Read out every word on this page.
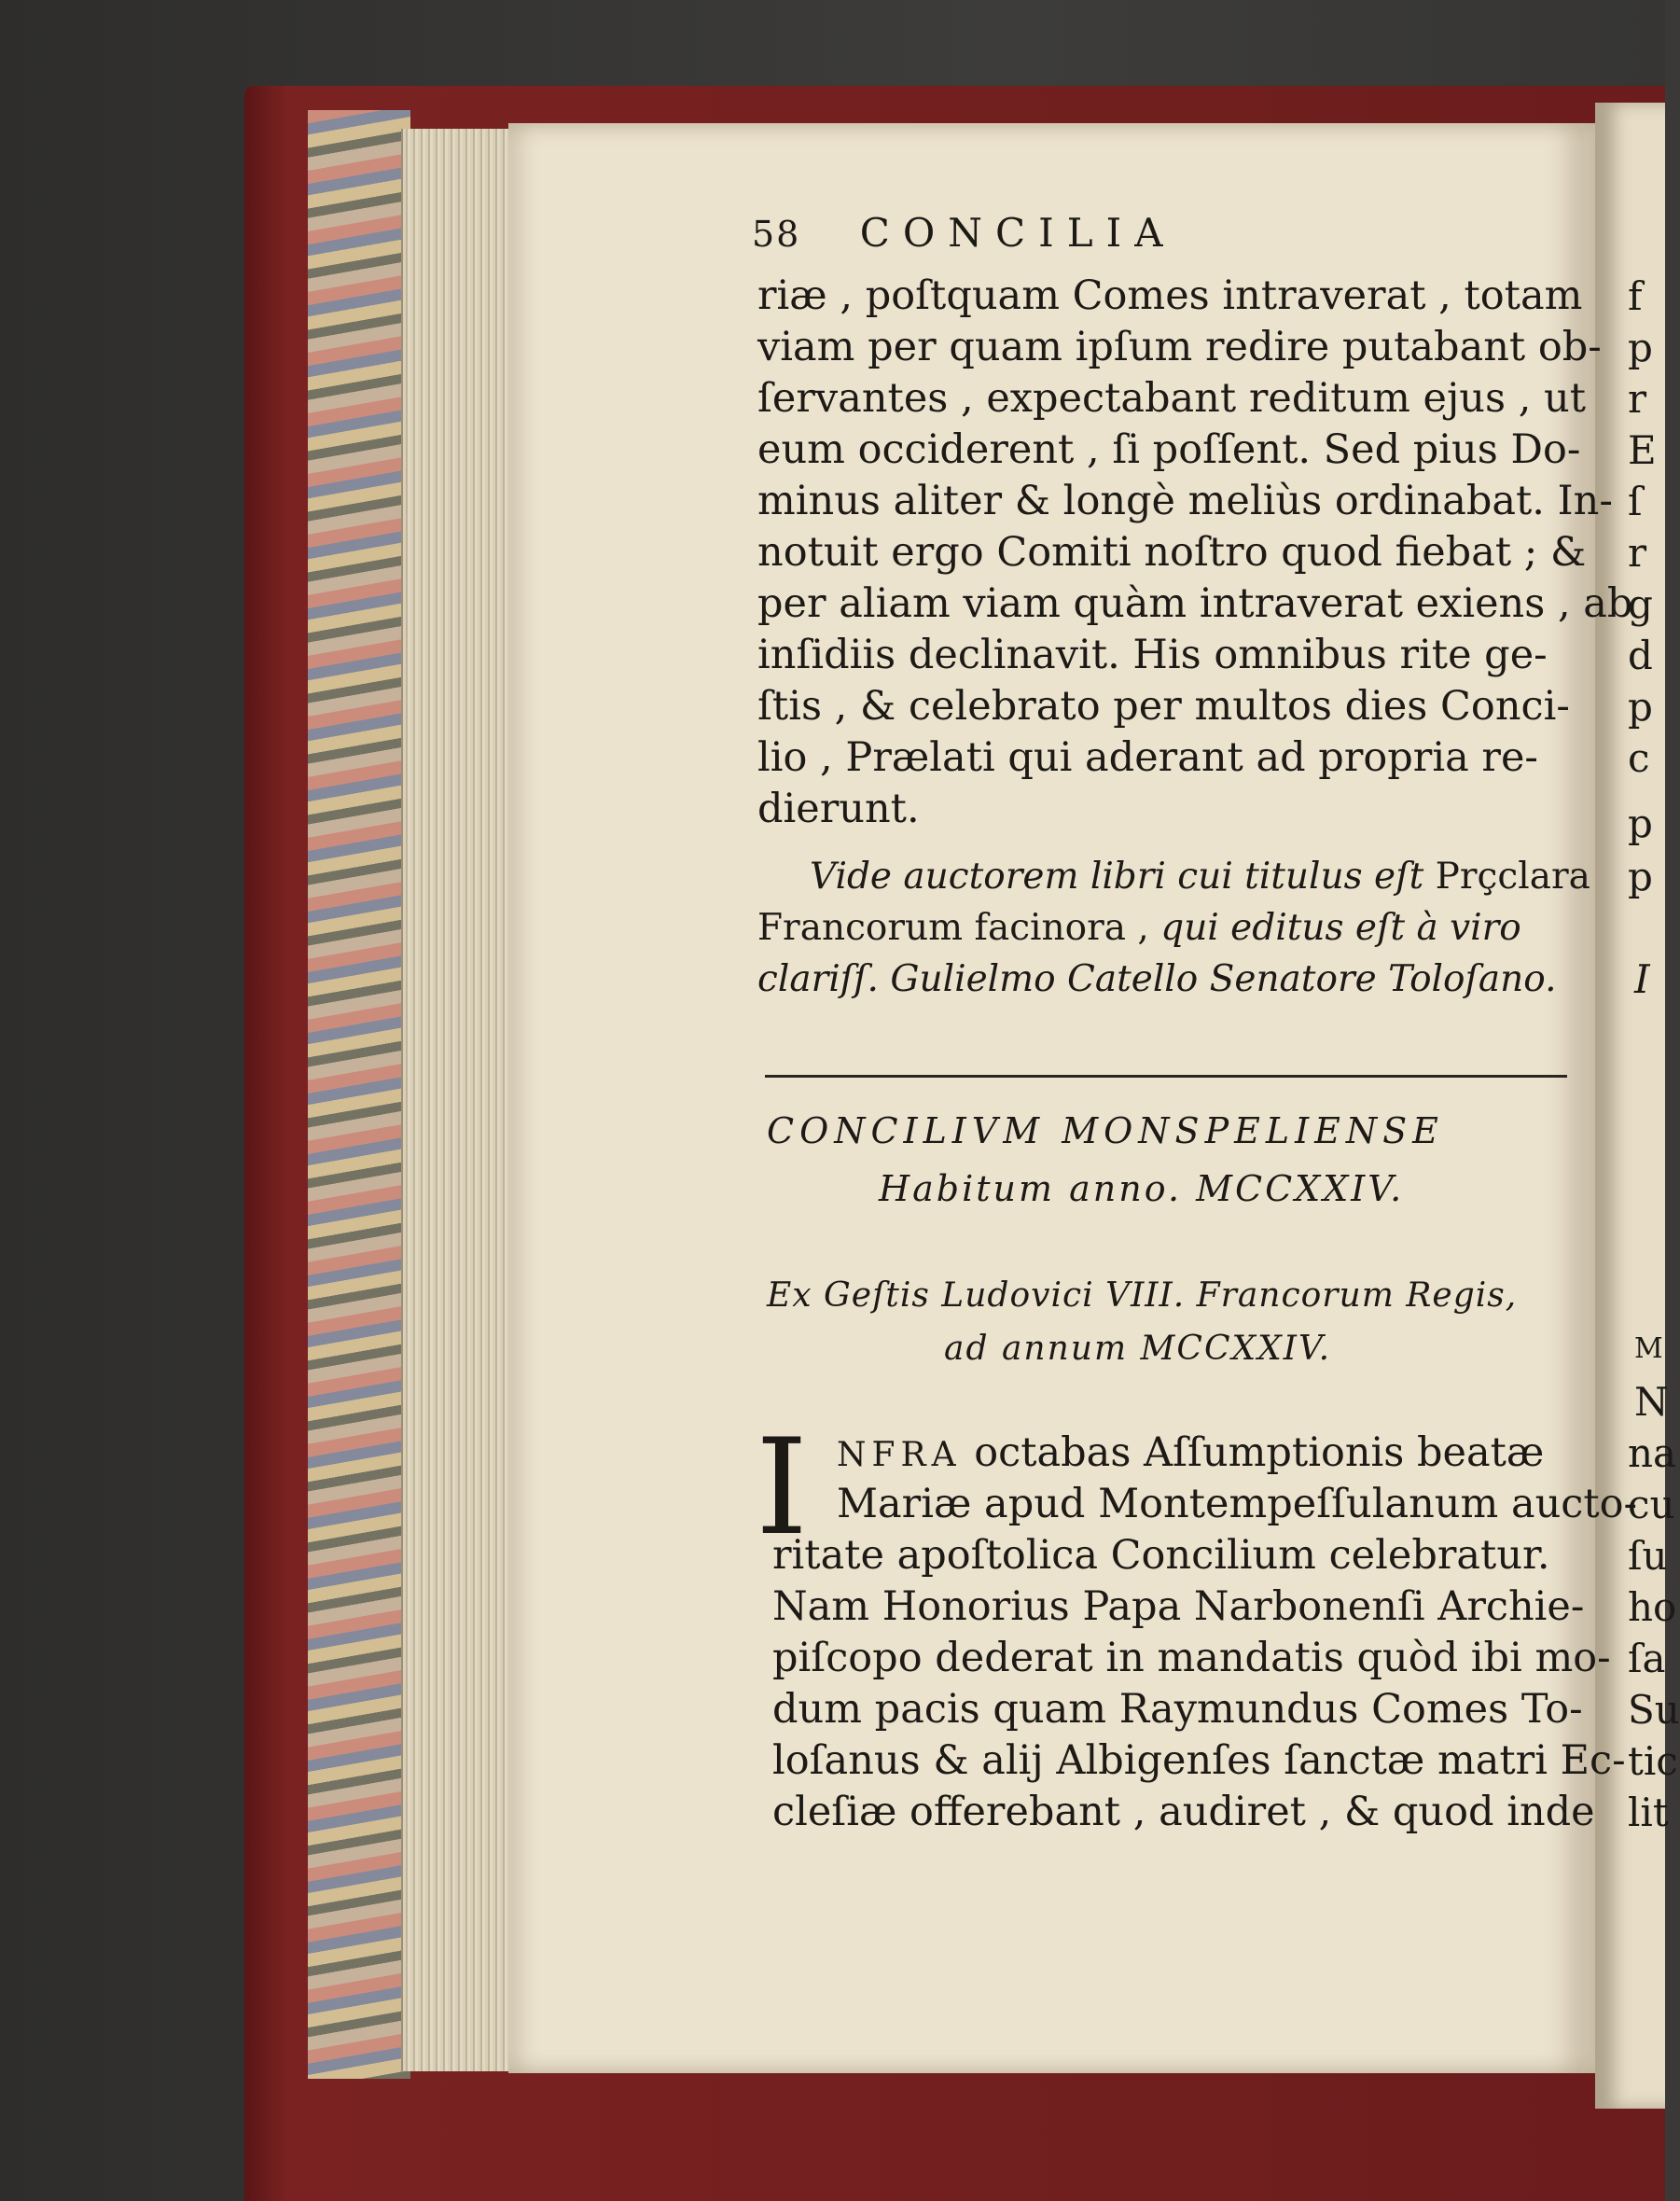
58 CONCILIA
riæ , poſtquam Comes intraverat , totam
viam per quam ipſum redire putabant ob-
ſervantes , expectabant reditum ejus , ut
eum occiderent , ſi poſſent. Sed pius Do-
minus aliter & longè meliùs ordinabat. In-
notuit ergo Comiti noſtro quod fiebat ; &
per aliam viam quàm intraverat exiens , ab
inſidiis declinavit. His omnibus rite ge-
ſtis , & celebrato per multos dies Conci-
lio , Prælati qui aderant ad propria re-
dierunt.
Vide auctorem libri cui titulus eſt Prçclara
Francorum facinora , qui editus eſt à viro
clariſſ. Gulielmo Catello Senatore Toloſano.
CONCILIVM MONSPELIENSE
Habitum anno. MCCXXIV.
Ex Geſtis Ludovici VIII. Francorum Regis,
ad annum MCCXXIV.
I NFRA octabas Aſſumptionis beatæ
Mariæ apud Montempeſſulanum aucto-
ritate apoſtolica Concilium celebratur.
Nam Honorius Papa Narbonenſi Archie-
piſcopo dederat in mandatis quòd ibi mo-
dum pacis quam Raymundus Comes To-
loſanus & alij Albigenſes ſanctæ matri Ec-
cleſiæ offerebant , audiret , & quod inde
f
p
r
E
ſ
r
g
d
p
c
p
p
I
M
N
na
cu
ſu
ho
ſa
Su
tic
lit
